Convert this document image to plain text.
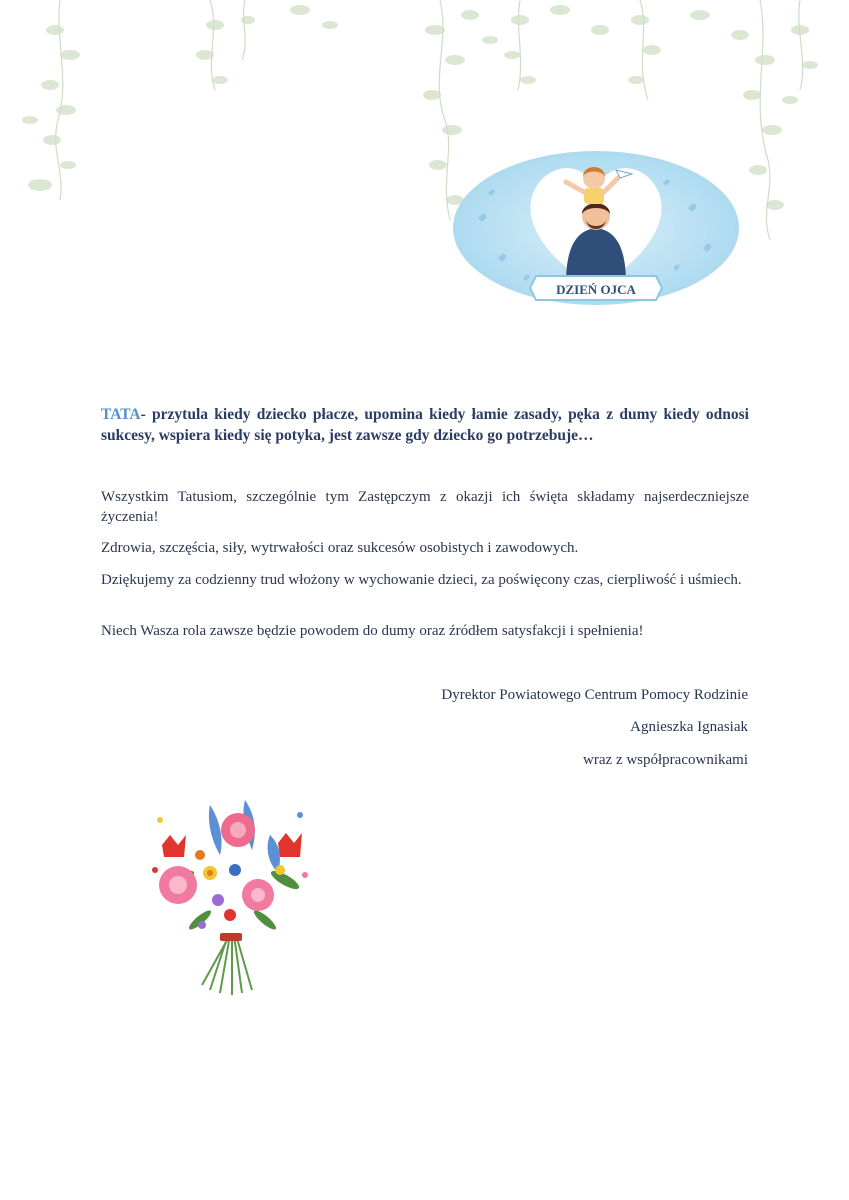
DZIEŃ OJCA

TATA- przytula kiedy dziecko płacze, upomina kiedy łamie zasady, pęka z dumy kiedy odnosi sukcesy, wspiera kiedy się potyka, jest zawsze gdy dziecko go potrzebuje…

Wszystkim Tatusiom, szczególnie tym Zastępczym z okazji ich święta składamy najserdeczniejsze życzenia!

Zdrowia, szczęścia, siły, wytrwałości oraz sukcesów osobistych i zawodowych.

Dziękujemy za codzienny trud włożony w wychowanie dzieci, za poświęcony czas, cierpliwość i uśmiech.

Niech Wasza rola zawsze będzie powodem do dumy oraz źródłem satysfakcji i spełnienia!

Dyrektor Powiatowego Centrum Pomocy Rodzinie

Agnieszka Ignasiak

wraz z współpracownikami
